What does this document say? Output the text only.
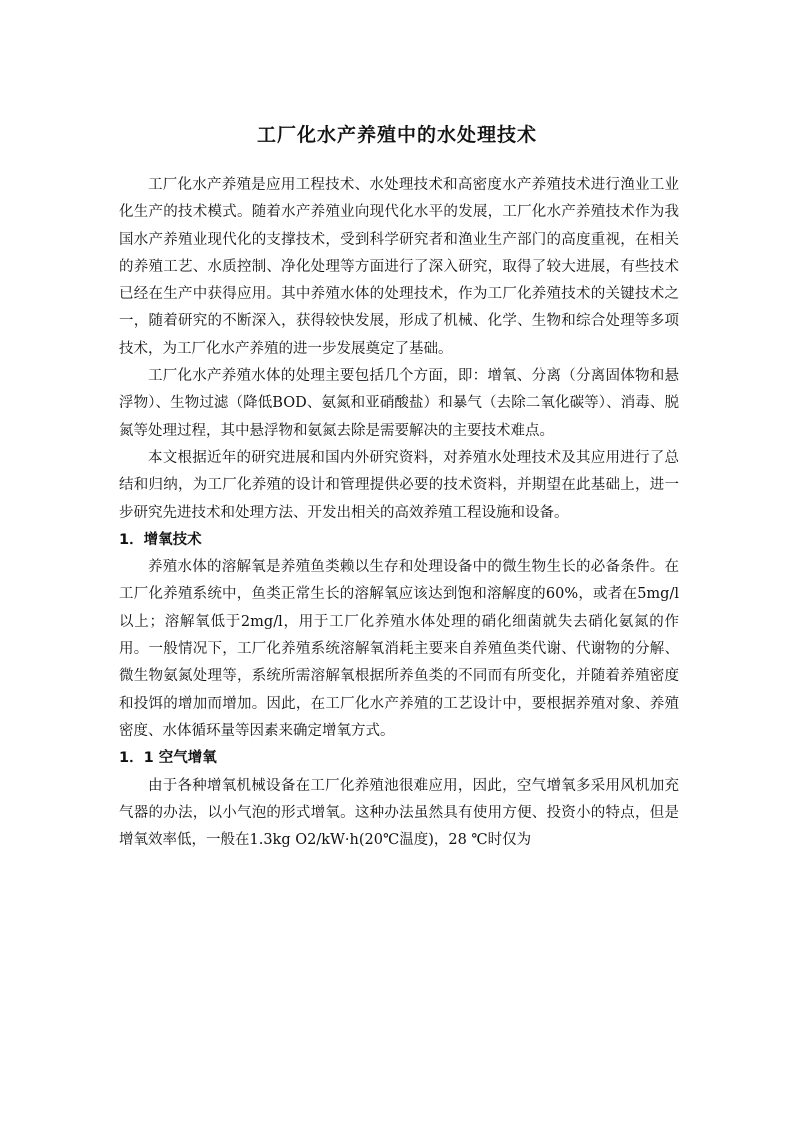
工厂化水产养殖中的水处理技术

工厂化水产养殖是应用工程技术、水处理技术和高密度水产养殖技术进行渔业工业化生产的技术模式。随着水产养殖业向现代化水平的发展，工厂化水产养殖技术作为我国水产养殖业现代化的支撑技术，受到科学研究者和渔业生产部门的高度重视，在相关的养殖工艺、水质控制、净化处理等方面进行了深入研究，取得了较大进展，有些技术已经在生产中获得应用。其中养殖水体的处理技术，作为工厂化养殖技术的关键技术之一，随着研究的不断深入，获得较快发展，形成了机械、化学、生物和综合处理等多项技术，为工厂化水产养殖的进一步发展奠定了基础。

工厂化水产养殖水体的处理主要包括几个方面，即：增氧、分离（分离固体物和悬浮物）、生物过滤（降低BOD、氨氮和亚硝酸盐）和暴气（去除二氧化碳等）、消毒、脱氮等处理过程，其中悬浮物和氨氮去除是需要解决的主要技术难点。

本文根据近年的研究进展和国内外研究资料，对养殖水处理技术及其应用进行了总结和归纳，为工厂化养殖的设计和管理提供必要的技术资料，并期望在此基础上，进一步研究先进技术和处理方法、开发出相关的高效养殖工程设施和设备。

1．增氧技术

养殖水体的溶解氧是养殖鱼类赖以生存和处理设备中的微生物生长的必备条件。在工厂化养殖系统中，鱼类正常生长的溶解氧应该达到饱和溶解度的60%，或者在5mg/l以上；溶解氧低于2mg/l，用于工厂化养殖水体处理的硝化细菌就失去硝化氨氮的作用。一般情况下，工厂化养殖系统溶解氧消耗主要来自养殖鱼类代谢、代谢物的分解、微生物氨氮处理等，系统所需溶解氧根据所养鱼类的不同而有所变化，并随着养殖密度和投饵的增加而增加。因此，在工厂化水产养殖的工艺设计中，要根据养殖对象、养殖密度、水体循环量等因素来确定增氧方式。

1．1 空气增氧

由于各种增氧机械设备在工厂化养殖池很难应用，因此，空气增氧多采用风机加充气器的办法，以小气泡的形式增氧。这种办法虽然具有使用方便、投资小的特点，但是增氧效率低，一般在1.3kg O2/kW·h(20℃温度)，28 ℃时仅为
